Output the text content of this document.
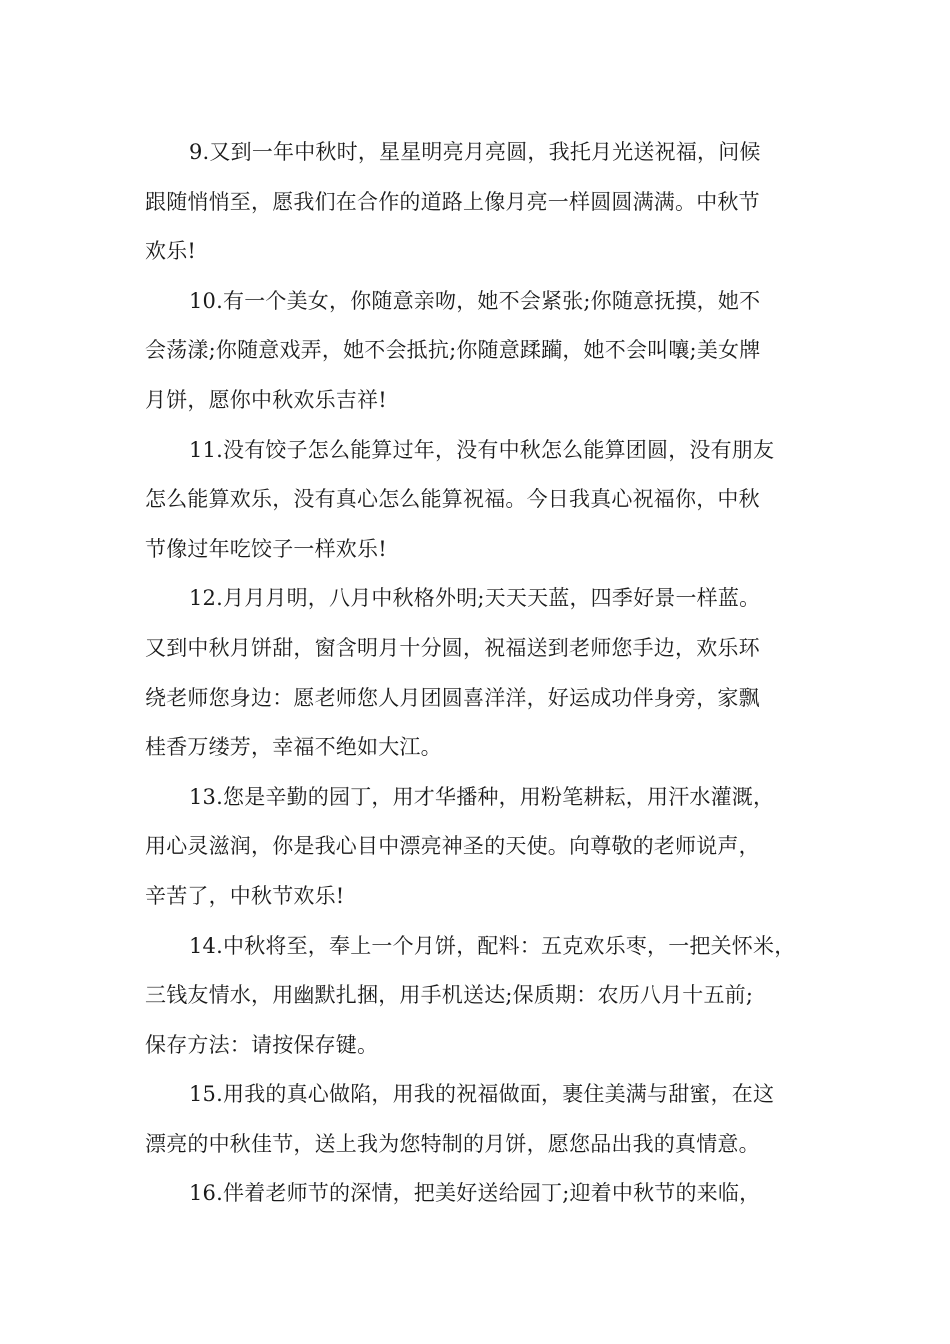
9.又到一年中秋时，星星明亮月亮圆，我托月光送祝福，问候
跟随悄悄至，愿我们在合作的道路上像月亮一样圆圆满满。中秋节
欢乐!

10.有一个美女，你随意亲吻，她不会紧张;你随意抚摸，她不
会荡漾;你随意戏弄，她不会抵抗;你随意蹂躏，她不会叫嚷;美女牌
月饼，愿你中秋欢乐吉祥!

11.没有饺子怎么能算过年，没有中秋怎么能算团圆，没有朋友
怎么能算欢乐，没有真心怎么能算祝福。今日我真心祝福你，中秋
节像过年吃饺子一样欢乐!

12.月月月明，八月中秋格外明;天天天蓝，四季好景一样蓝。
又到中秋月饼甜，窗含明月十分圆，祝福送到老师您手边，欢乐环
绕老师您身边：愿老师您人月团圆喜洋洋，好运成功伴身旁，家飘
桂香万缕芳，幸福不绝如大江。

13.您是辛勤的园丁，用才华播种，用粉笔耕耘，用汗水灌溉，
用心灵滋润，你是我心目中漂亮神圣的天使。向尊敬的老师说声，
辛苦了，中秋节欢乐!

14.中秋将至，奉上一个月饼，配料：五克欢乐枣，一把关怀米，
三钱友情水，用幽默扎捆，用手机送达;保质期：农历八月十五前;
保存方法：请按保存键。

15.用我的真心做陷，用我的祝福做面，裹住美满与甜蜜，在这
漂亮的中秋佳节，送上我为您特制的月饼，愿您品出我的真情意。

16.伴着老师节的深情，把美好送给园丁;迎着中秋节的来临，
